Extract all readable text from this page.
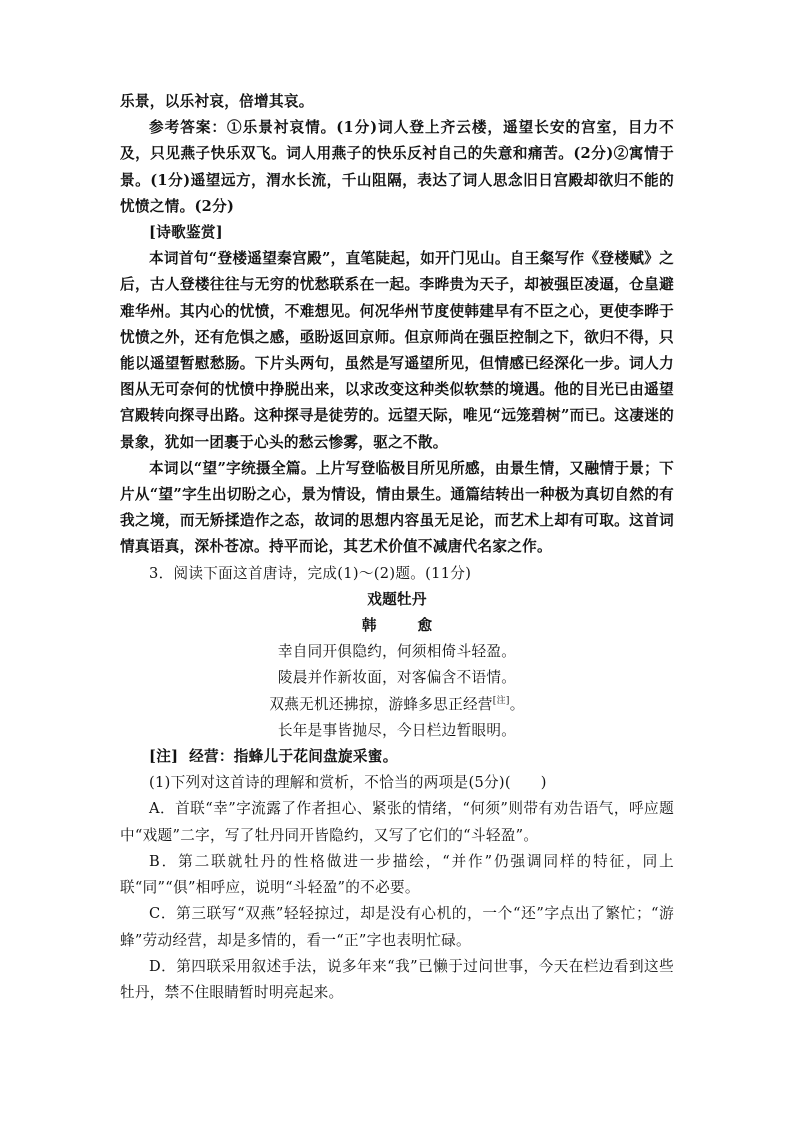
乐景，以乐衬哀，倍增其哀。

参考答案：①乐景衬哀情。(1分)词人登上齐云楼，遥望长安的宫室，目力不及，只见燕子快乐双飞。词人用燕子的快乐反衬自己的失意和痛苦。(2分)②寓情于景。(1分)遥望远方，渭水长流，千山阻隔，表达了词人思念旧日宫殿却欲归不能的忧愤之情。(2分)

[诗歌鉴赏]

本词首句“登楼遥望秦宫殿”，直笔陡起，如开门见山。自王粲写作《登楼赋》之后，古人登楼往往与无穷的忧愁联系在一起。李晔贵为天子，却被强臣凌逼，仓皇避难华州。其内心的忧愤，不难想见。何况华州节度使韩建早有不臣之心，更使李晔于忧愤之外，还有危惧之感，亟盼返回京师。但京师尚在强臣控制之下，欲归不得，只能以遥望暂慰愁肠。下片头两句，虽然是写遥望所见，但情感已经深化一步。词人力图从无可奈何的忧愤中挣脱出来，以求改变这种类似软禁的境遇。他的目光已由遥望宫殿转向探寻出路。这种探寻是徒劳的。远望天际，唯见“远笼碧树”而已。这凄迷的景象，犹如一团裹于心头的愁云惨雾，驱之不散。

本词以“望”字统摄全篇。上片写登临极目所见所感，由景生情，又融情于景；下片从“望”字生出切盼之心，景为情设，情由景生。通篇结转出一种极为真切自然的有我之境，而无矫揉造作之态，故词的思想内容虽无足论，而艺术上却有可取。这首词情真语真，深朴苍凉。持平而论，其艺术价值不减唐代名家之作。

3．阅读下面这首唐诗，完成(1)～(2)题。(11分)

戏题牡丹

韩 愈

幸自同开俱隐约，何须相倚斗轻盈。

陵晨并作新妆面，对客偏含不语情。

双燕无机还拂掠，游蜂多思正经营[注]。

长年是事皆抛尽，今日栏边暂眼明。

[注] 经营：指蜂儿于花间盘旋采蜜。

(1)下列对这首诗的理解和赏析，不恰当的两项是(5分)(　　)

A．首联“幸”字流露了作者担心、紧张的情绪，“何须”则带有劝告语气，呼应题中“戏题”二字，写了牡丹同开皆隐约，又写了它们的“斗轻盈”。

B．第二联就牡丹的性格做进一步描绘，“并作”仍强调同样的特征，同上联“同”“俱”相呼应，说明“斗轻盈”的不必要。

C．第三联写“双燕”轻轻掠过，却是没有心机的，一个“还”字点出了繁忙；“游蜂”劳动经营，却是多情的，看一“正”字也表明忙碌。

D．第四联采用叙述手法，说多年来“我”已懒于过问世事，今天在栏边看到这些牡丹，禁不住眼睛暂时明亮起来。
